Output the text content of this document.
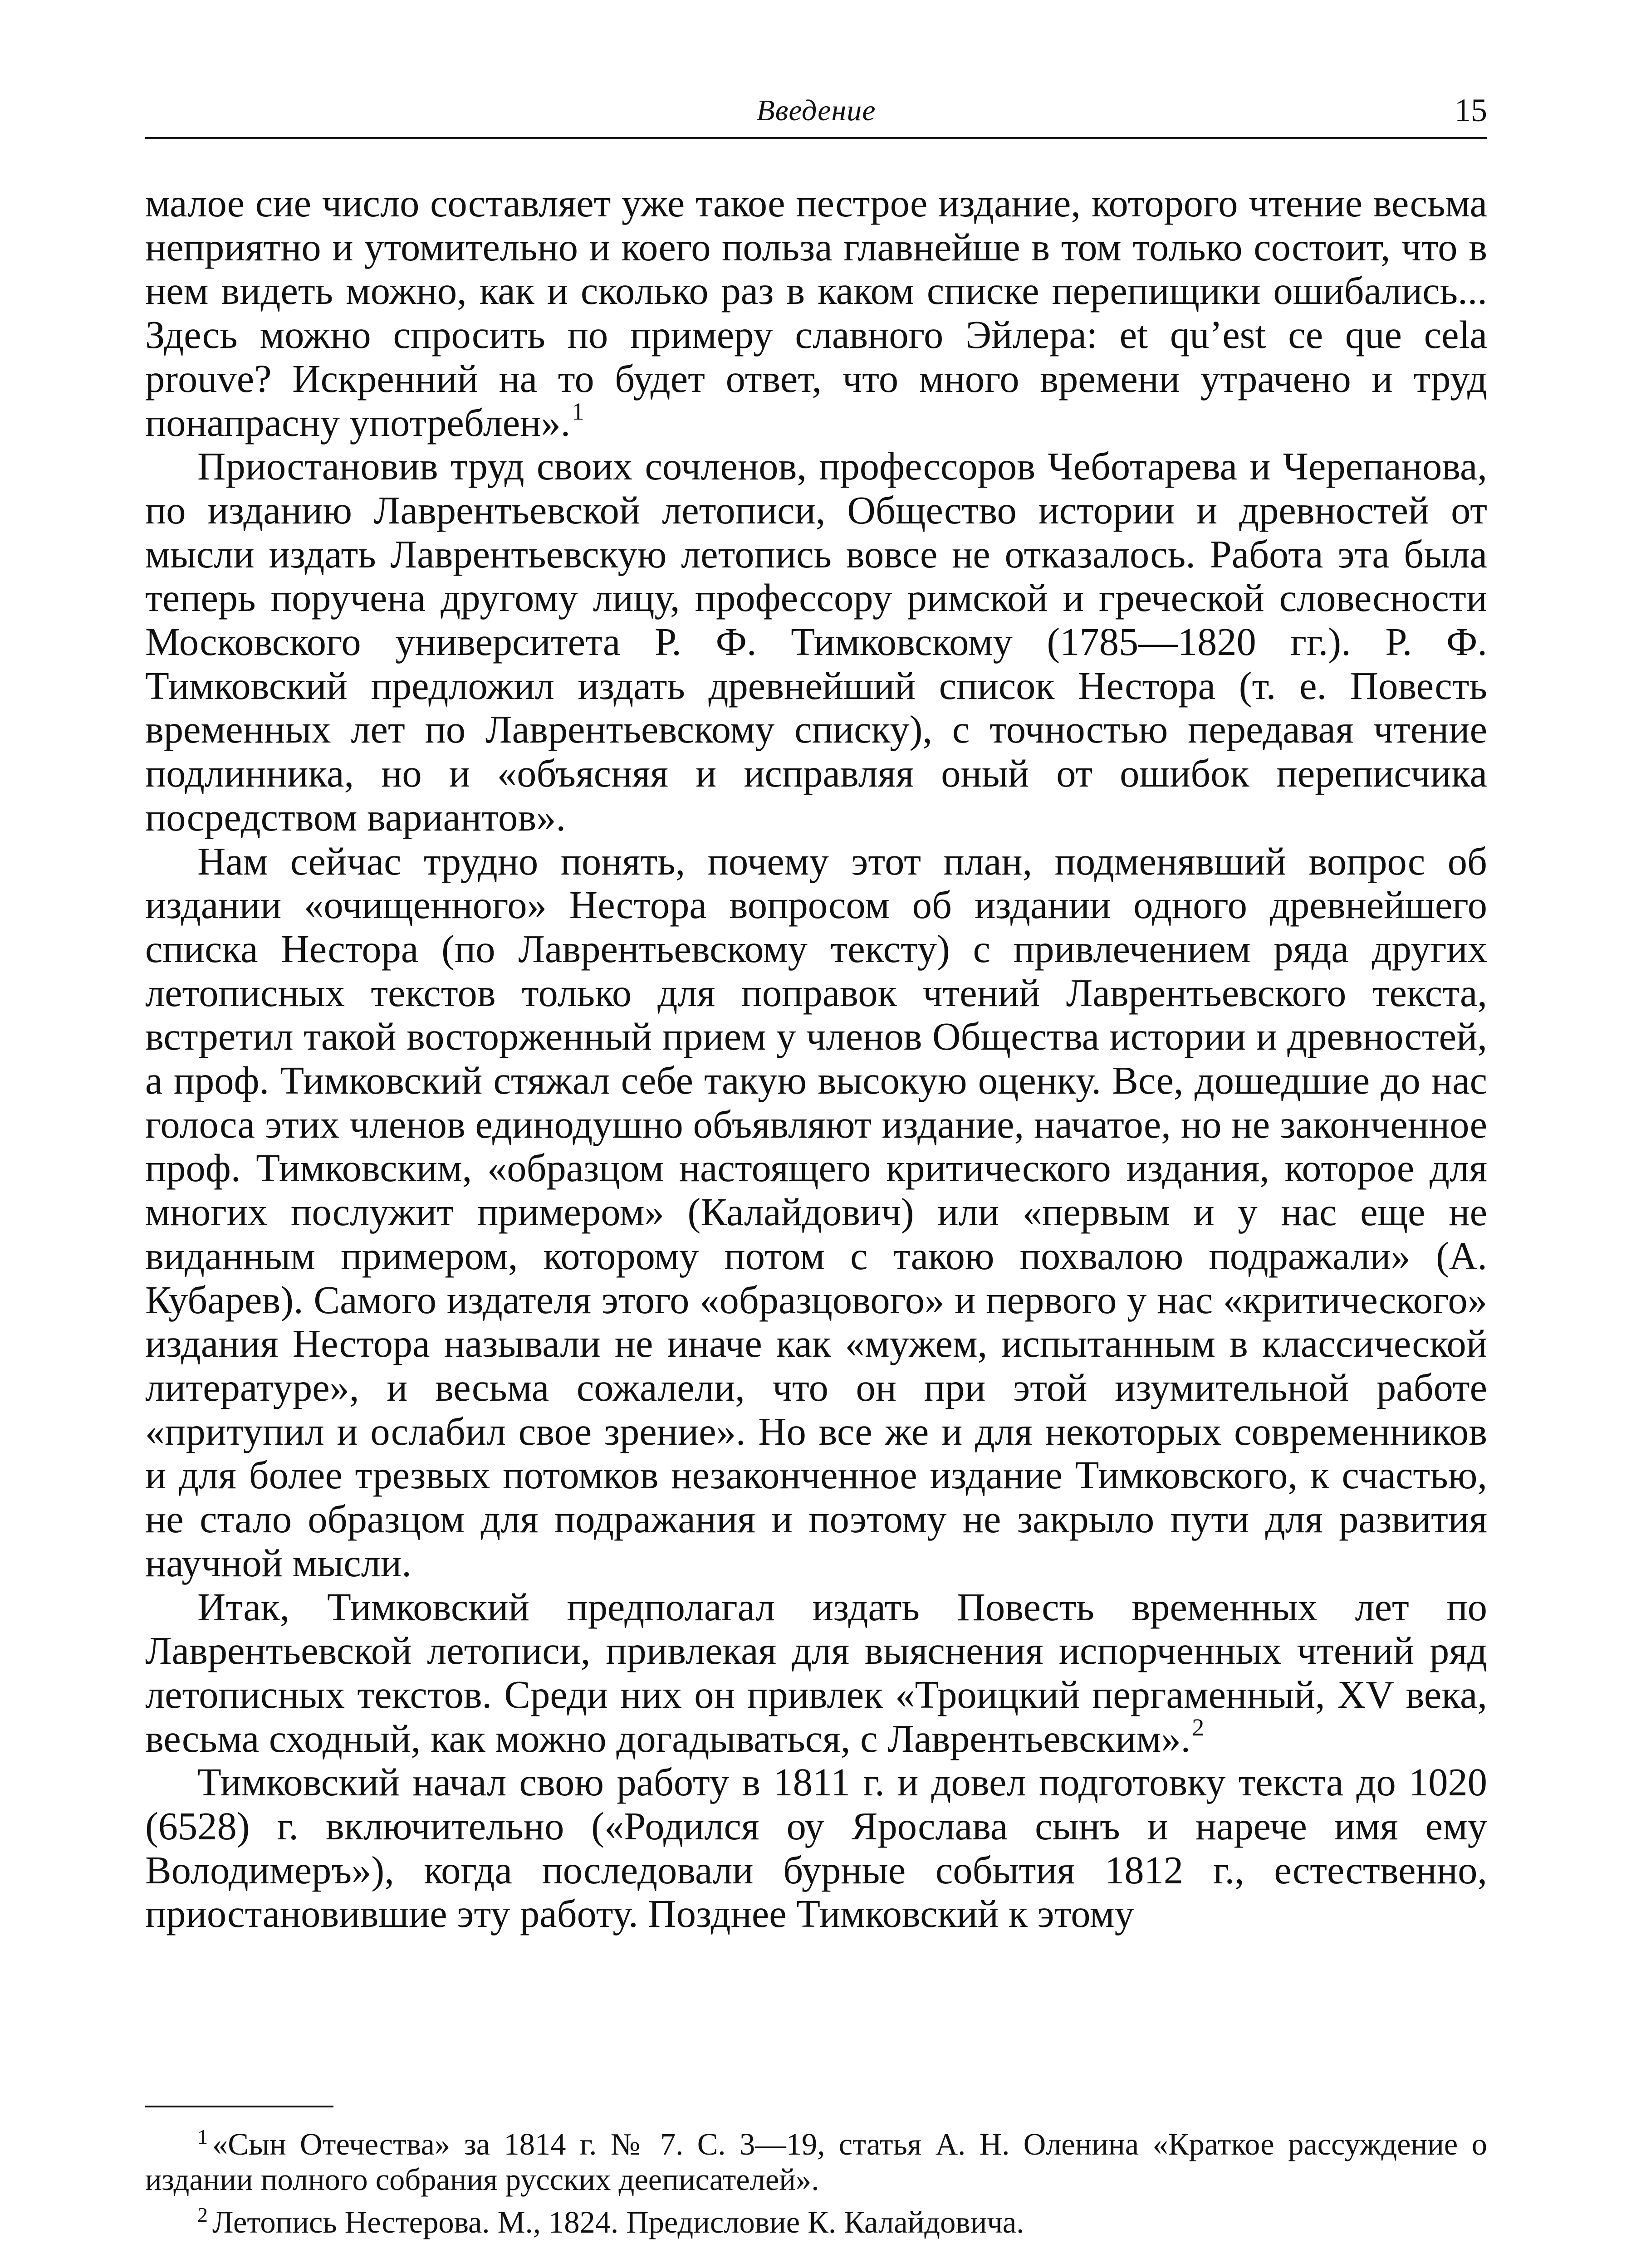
Введение	15

малое сие число составляет уже такое пестрое издание, которого чтение весьма неприятно и утомительно и коего польза главнейше в том только состоит, что в нем видеть можно, как и сколько раз в каком списке перепищики ошибались... Здесь можно спросить по примеру славного Эйлера: et qu’est ce que cela prouve? Искренний на то будет ответ, что много времени утрачено и труд понапрасну употреблен».$^1$

Приостановив труд своих сочленов, профессоров Чеботарева и Черепанова, по изданию Лаврентьевской летописи, Общество истории и древностей от мысли издать Лаврентьевскую летопись вовсе не отказалось. Работа эта была теперь поручена другому лицу, профессору римской и греческой словесности Московского университета Р. Ф. Тимковскому (1785—1820 гг.). Р. Ф. Тимковский предложил издать древнейший список Нестора (т. е. Повесть временных лет по Лаврентьевскому списку), с точностью передавая чтение подлинника, но и «объясняя и исправляя оный от ошибок переписчика посредством вариантов».

Нам сейчас трудно понять, почему этот план, подменявший вопрос об издании «очищенного» Нестора вопросом об издании одного древнейшего списка Нестора (по Лаврентьевскому тексту) с привлечением ряда других летописных текстов только для поправок чтений Лаврентьевского текста, встретил такой восторженный прием у членов Общества истории и древностей, а проф. Тимковский стяжал себе такую высокую оценку. Все, дошедшие до нас голоса этих членов единодушно объявляют издание, начатое, но не законченное проф. Тимковским, «образцом настоящего критического издания, которое для многих послужит примером» (Калайдович) или «первым и у нас еще не виданным примером, которому потом с такою похвалою подражали» (А. Кубарев). Самого издателя этого «образцового» и первого у нас «критического» издания Нестора называли не иначе как «мужем, испытанным в классической литературе», и весьма сожалели, что он при этой изумительной работе «притупил и ослабил свое зрение». Но все же и для некоторых современников и для более трезвых потомков незаконченное издание Тимковского, к счастью, не стало образцом для подражания и поэтому не закрыло пути для развития научной мысли.

Итак, Тимковский предполагал издать Повесть временных лет по Лаврентьевской летописи, привлекая для выяснения испорченных чтений ряд летописных текстов. Среди них он привлек «Троицкий пергаменный, XV века, весьма сходный, как можно догадываться, с Лаврентьевским».$^2$

Тимковский начал свою работу в 1811 г. и довел подготовку текста до 1020 (6528) г. включительно («Родился оу Ярослава сынъ и нарече имя ему Володимеръ»), когда последовали бурные события 1812 г., естественно, приостановившие эту работу. Позднее Тимковский к этому

$^1$ «Сын Отечества» за 1814 г. № 7. С. 3—19, статья А. Н. Оленина «Краткое рассуждение о издании полного собрания русских дееписателей».

$^2$ Летопись Нестерова. М., 1824. Предисловие К. Калайдовича.
